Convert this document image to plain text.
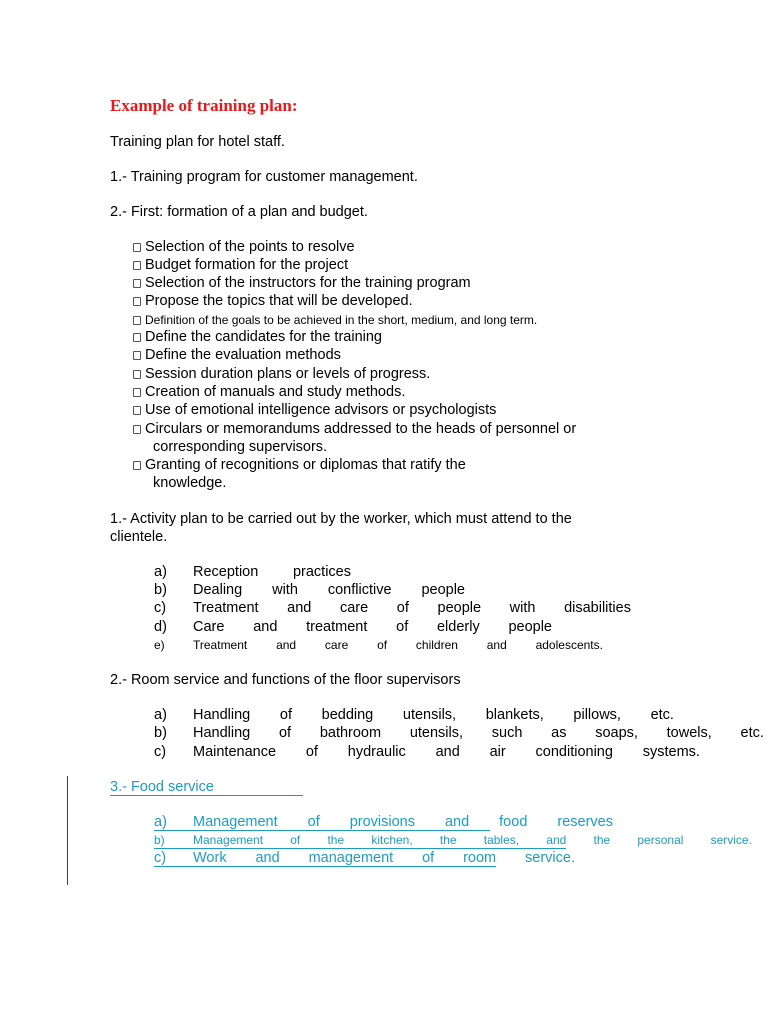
Example of training plan:
Training plan for hotel staff.
1.- Training program for customer management.
2.- First: formation of a plan and budget.
Selection of the points to resolve
Budget formation for the project
Selection of the instructors for the training program
Propose the topics that will be developed.
Definition of the goals to be achieved in the short, medium, and long term.
Define the candidates for the training
Define the evaluation methods
Session duration plans or levels of progress.
Creation of manuals and study methods.
Use of emotional intelligence advisors or psychologists
Circulars or memorandums addressed to the heads of personnel or
corresponding supervisors.
Granting of recognitions or diplomas that ratify the
knowledge.
1.- Activity plan to be carried out by the worker, which must attend to the
clientele.
a)	Reception practices
b)	Dealing with conflictive people
c)	Treatment and care of people with disabilities
d)	Care and treatment of elderly people
e)	Treatment and care of children and adolescents.
2.- Room service and functions of the floor supervisors
a)	Handling of bedding utensils, blankets, pillows, etc.
b)	Handling of bathroom utensils, such as soaps, towels, etc.
c)	Maintenance of hydraulic and air conditioning systems.
3.- Food service
a)	Management of provisions and food reserves
b)	Management of the kitchen, the tables, and the personal service.
c)	Work and management of room service.
